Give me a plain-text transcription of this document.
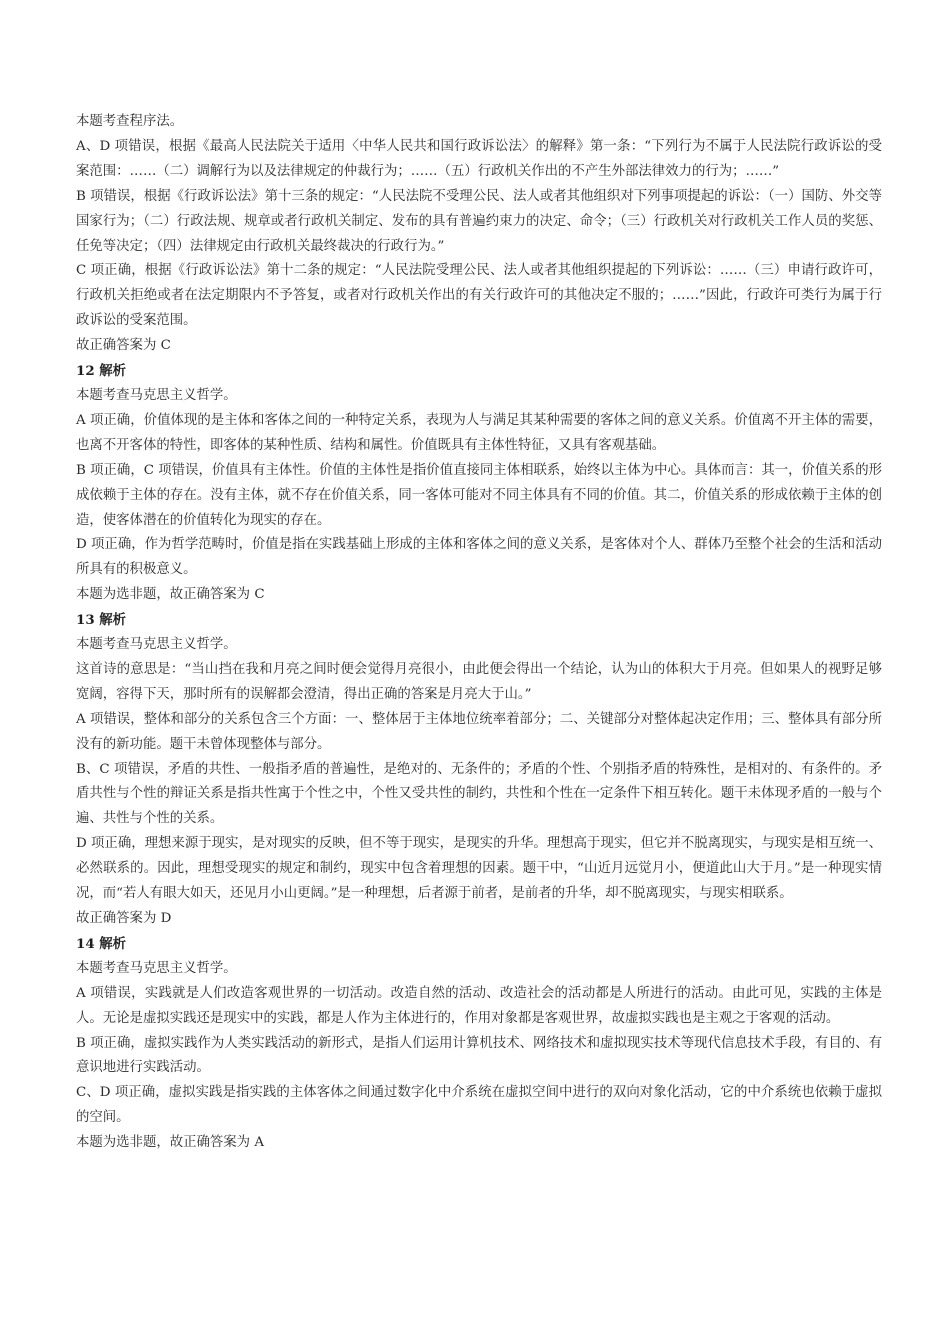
本题考查程序法。

A、D 项错误，根据《最高人民法院关于适用〈中华人民共和国行政诉讼法〉的解释》第一条：“下列行为不属于人民法院行政诉讼的受案范围：……（二）调解行为以及法律规定的仲裁行为；……（五）行政机关作出的不产生外部法律效力的行为；……”

B 项错误，根据《行政诉讼法》第十三条的规定：“人民法院不受理公民、法人或者其他组织对下列事项提起的诉讼：（一）国防、外交等国家行为；（二）行政法规、规章或者行政机关制定、发布的具有普遍约束力的决定、命令；（三）行政机关对行政机关工作人员的奖惩、任免等决定；（四）法律规定由行政机关最终裁决的行政行为。”

C 项正确，根据《行政诉讼法》第十二条的规定：“人民法院受理公民、法人或者其他组织提起的下列诉讼：……（三）申请行政许可，行政机关拒绝或者在法定期限内不予答复，或者对行政机关作出的有关行政许可的其他决定不服的；……”因此，行政许可类行为属于行政诉讼的受案范围。

故正确答案为 C

12 解析

本题考查马克思主义哲学。

A 项正确，价值体现的是主体和客体之间的一种特定关系，表现为人与满足其某种需要的客体之间的意义关系。价值离不开主体的需要，也离不开客体的特性，即客体的某种性质、结构和属性。价值既具有主体性特征，又具有客观基础。

B 项正确，C 项错误，价值具有主体性。价值的主体性是指价值直接同主体相联系，始终以主体为中心。具体而言：其一，价值关系的形成依赖于主体的存在。没有主体，就不存在价值关系，同一客体可能对不同主体具有不同的价值。其二，价值关系的形成依赖于主体的创造，使客体潜在的价值转化为现实的存在。

D 项正确，作为哲学范畴时，价值是指在实践基础上形成的主体和客体之间的意义关系，是客体对个人、群体乃至整个社会的生活和活动所具有的积极意义。

本题为选非题，故正确答案为 C

13 解析

本题考查马克思主义哲学。

这首诗的意思是：“当山挡在我和月亮之间时便会觉得月亮很小，由此便会得出一个结论，认为山的体积大于月亮。但如果人的视野足够宽阔，容得下天，那时所有的误解都会澄清，得出正确的答案是月亮大于山。”

A 项错误，整体和部分的关系包含三个方面：一、整体居于主体地位统率着部分；二、关键部分对整体起决定作用；三、整体具有部分所没有的新功能。题干未曾体现整体与部分。

B、C 项错误，矛盾的共性、一般指矛盾的普遍性，是绝对的、无条件的；矛盾的个性、个别指矛盾的特殊性，是相对的、有条件的。矛盾共性与个性的辩证关系是指共性寓于个性之中，个性又受共性的制约，共性和个性在一定条件下相互转化。题干未体现矛盾的一般与个遍、共性与个性的关系。

D 项正确，理想来源于现实，是对现实的反映，但不等于现实，是现实的升华。理想高于现实，但它并不脱离现实，与现实是相互统一、必然联系的。因此，理想受现实的规定和制约，现实中包含着理想的因素。题干中，“山近月远觉月小，便道此山大于月。”是一种现实情况，而“若人有眼大如天，还见月小山更阔。”是一种理想，后者源于前者，是前者的升华，却不脱离现实，与现实相联系。

故正确答案为 D

14 解析

本题考查马克思主义哲学。

A 项错误，实践就是人们改造客观世界的一切活动。改造自然的活动、改造社会的活动都是人所进行的活动。由此可见，实践的主体是人。无论是虚拟实践还是现实中的实践，都是人作为主体进行的，作用对象都是客观世界，故虚拟实践也是主观之于客观的活动。

B 项正确，虚拟实践作为人类实践活动的新形式，是指人们运用计算机技术、网络技术和虚拟现实技术等现代信息技术手段，有目的、有意识地进行实践活动。

C、D 项正确，虚拟实践是指实践的主体客体之间通过数字化中介系统在虚拟空间中进行的双向对象化活动，它的中介系统也依赖于虚拟的空间。

本题为选非题，故正确答案为 A
